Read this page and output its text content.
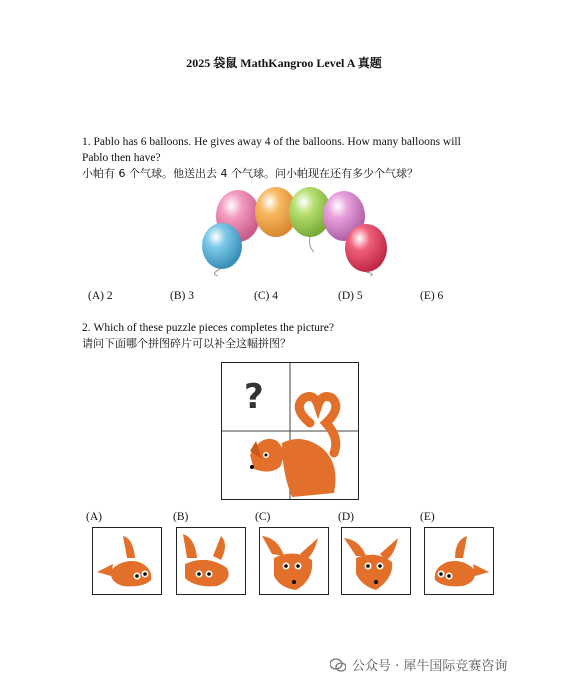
2025 袋鼠 MathKangroo Level A 真题
1. Pablo has 6 balloons. He gives away 4 of the balloons. How many balloons will
Pablo then have?
小帕有 6 个气球。他送出去 4 个气球。问小帕现在还有多少个气球？
(A) 2	(B) 3	(C) 4	(D) 5	(E) 6
2. Which of these puzzle pieces completes the picture?
请问下面哪个拼图碎片可以补全这幅拼图？
?
(A)	(B)	(C)	(D)	(E)
公众号 · 犀牛国际竞赛咨询
